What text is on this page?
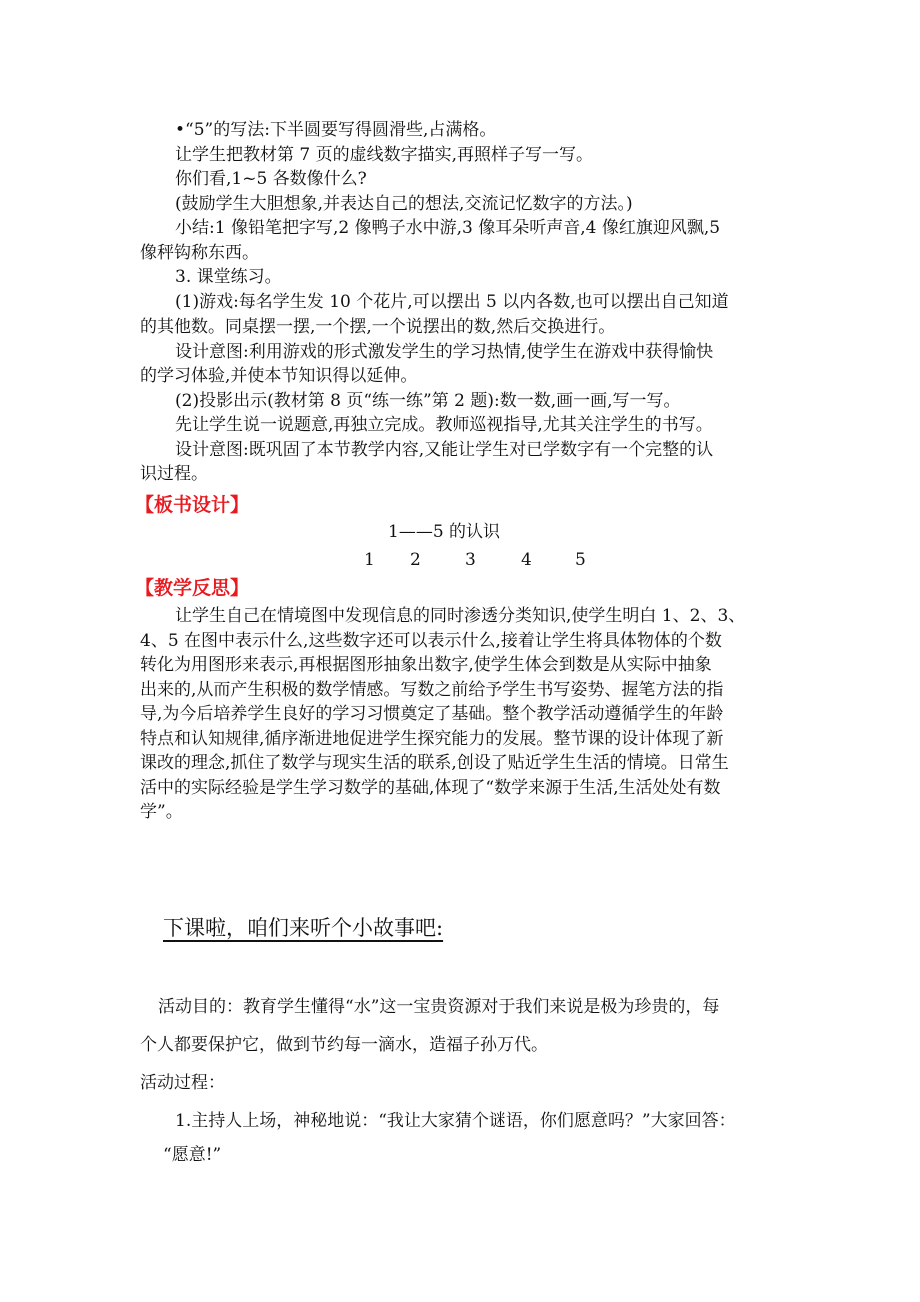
•“5”的写法:下半圆要写得圆滑些,占满格。
让学生把教材第 7 页的虚线数字描实,再照样子写一写。
你们看,1~5 各数像什么?
(鼓励学生大胆想象,并表达自己的想法,交流记忆数字的方法。)
小结:1 像铅笔把字写,2 像鸭子水中游,3 像耳朵听声音,4 像红旗迎风飘,5
像秤钩称东西。
3. 课堂练习。
(1)游戏:每名学生发 10 个花片,可以摆出 5 以内各数,也可以摆出自己知道
的其他数。同桌摆一摆,一个摆,一个说摆出的数,然后交换进行。
设计意图:利用游戏的形式激发学生的学习热情,使学生在游戏中获得愉快
的学习体验,并使本节知识得以延伸。
(2)投影出示(教材第 8 页“练一练”第 2 题):数一数,画一画,写一写。
先让学生说一说题意,再独立完成。教师巡视指导,尤其关注学生的书写。
设计意图:既巩固了本节教学内容,又能让学生对已学数字有一个完整的认
识过程。
【板书设计】
1——5 的认识
1 2	3	4	5
【教学反思】
让学生自己在情境图中发现信息的同时渗透分类知识,使学生明白 1、2、3、
4、5 在图中表示什么,这些数字还可以表示什么,接着让学生将具体物体的个数
转化为用图形来表示,再根据图形抽象出数字,使学生体会到数是从实际中抽象
出来的,从而产生积极的数学情感。写数之前给予学生书写姿势、握笔方法的指
导,为今后培养学生良好的学习习惯奠定了基础。整个教学活动遵循学生的年龄
特点和认知规律,循序渐进地促进学生探究能力的发展。整节课的设计体现了新
课改的理念,抓住了数学与现实生活的联系,创设了贴近学生生活的情境。日常生
活中的实际经验是学生学习数学的基础,体现了“数学来源于生活,生活处处有数
学”。
下课啦，咱们来听个小故事吧:
活动目的：教育学生懂得“水”这一宝贵资源对于我们来说是极为珍贵的，每
个人都要保护它，做到节约每一滴水，造福子孙万代。
活动过程：
1.主持人上场，神秘地说：“我让大家猜个谜语，你们愿意吗？”大家回答：
“愿意!”
